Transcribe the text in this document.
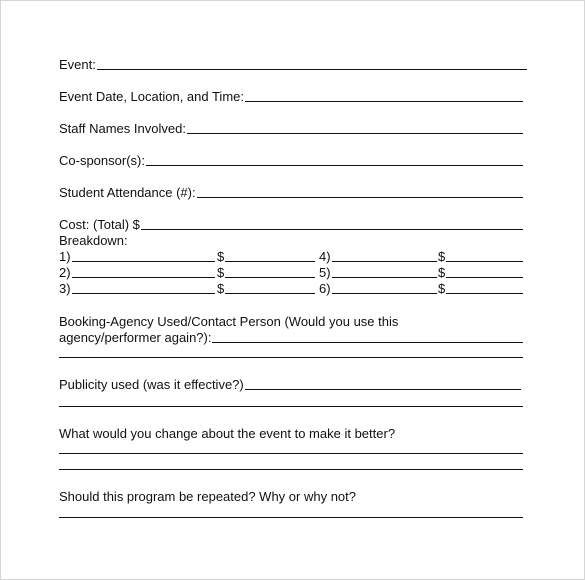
Event:
Event Date, Location, and Time:
Staff Names Involved:
Co-sponsor(s):
Student Attendance (#):
Cost: (Total) $
Breakdown:
1)	$	4)	$
2)	$	5)	$
3)	$	6)	$
Booking-Agency Used/Contact Person (Would you use this
agency/performer again?):
Publicity used (was it effective?)
What would you change about the event to make it better?
Should this program be repeated? Why or why not?
